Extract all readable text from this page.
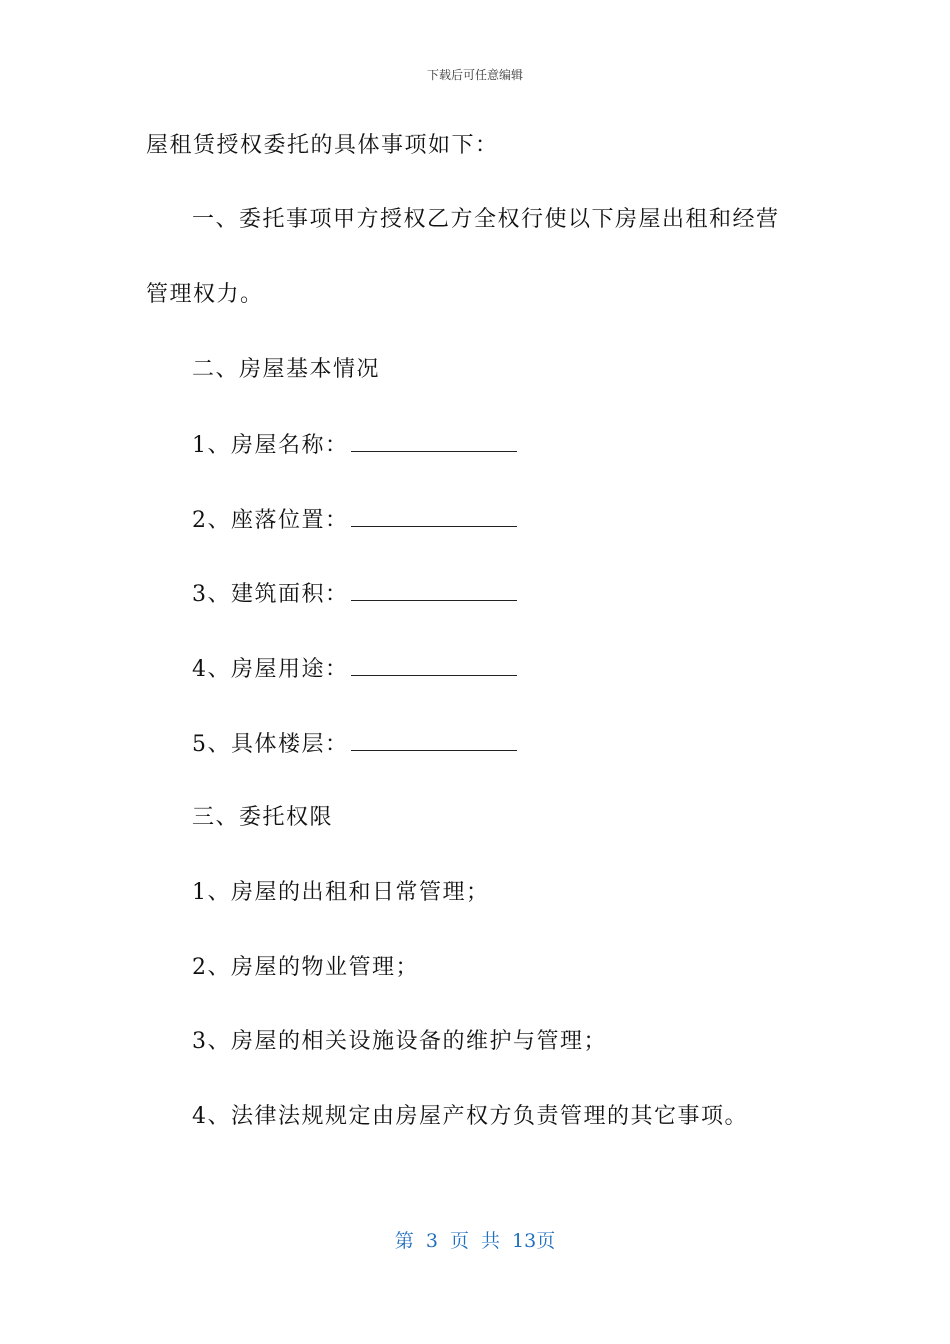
下载后可任意编辑
屋租赁授权委托的具体事项如下：
一、委托事项甲方授权乙方全权行使以下房屋出租和经营
管理权力。
二、房屋基本情况
1、房屋名称：
2、座落位置：
3、建筑面积：
4、房屋用途：
5、具体楼层：
三、委托权限
1、房屋的出租和日常管理；
2、房屋的物业管理；
3、房屋的相关设施设备的维护与管理；
4、法律法规规定由房屋产权方负责管理的其它事项。
第 3 页 共 13页
